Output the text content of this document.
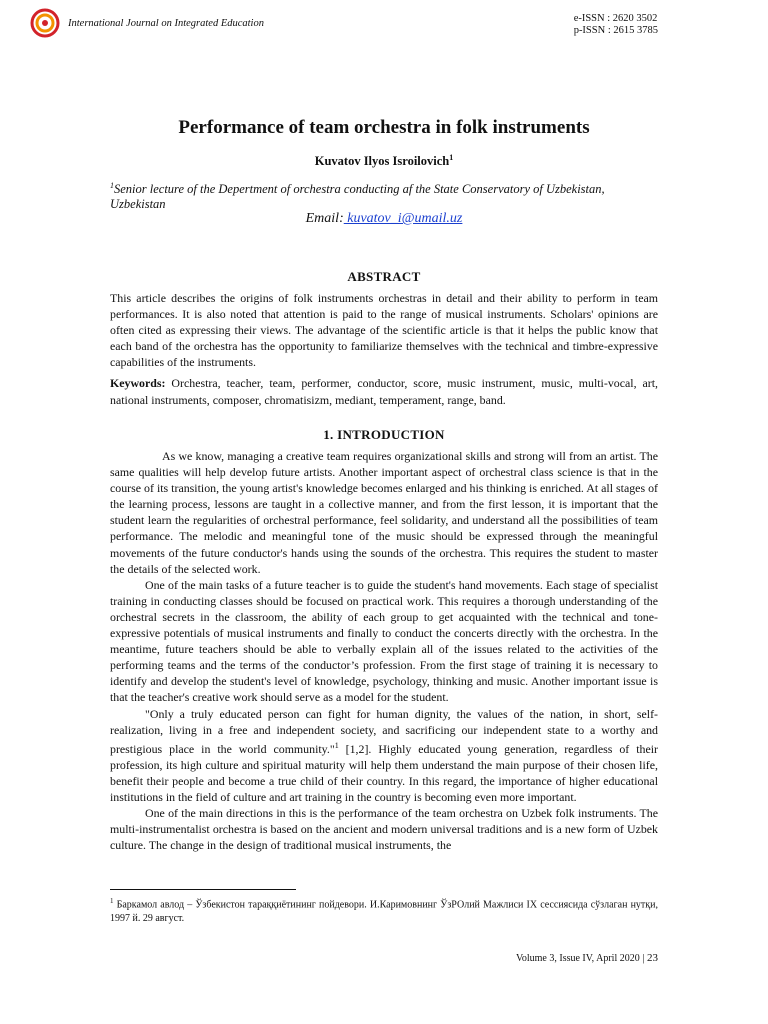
International Journal on Integrated Education	e-ISSN : 2620 3502
p-ISSN : 2615 3785
Performance of team orchestra in folk instruments
Kuvatov Ilyos Isroilovich$^1$
$^1$Senior lecture of the Depertment of orchestra conducting af the State Conservatory of Uzbekistan, Uzbekistan
Email: kuvatov_i@umail.uz
ABSTRACT

This article describes the origins of folk instruments orchestras in detail and their ability to perform in team performances. It is also noted that attention is paid to the range of musical instruments. Scholars' opinions are often cited as expressing their views. The advantage of the scientific article is that it helps the public know that each band of the orchestra has the opportunity to familiarize themselves with the technical and timbre-expressive capabilities of the instruments.

Keywords: Orchestra, teacher, team, performer, conductor, score, music instrument, music, multi-vocal, art, national instruments, composer, chromatisizm, mediant, temperament, range, band.

1. INTRODUCTION

As we know, managing a creative team requires organizational skills and strong will from an artist. The same qualities will help develop future artists. Another important aspect of orchestral class science is that in the course of its transition, the young artist's knowledge becomes enlarged and his thinking is enriched. At all stages of the learning process, lessons are taught in a collective manner, and from the first lesson, it is important that the student learn the regularities of orchestral performance, feel solidarity, and understand all the possibilities of team performance. The melodic and meaningful tone of the music should be expressed through the meaningful movements of the future conductor's hands using the sounds of the orchestra. This requires the student to master the details of the selected work.

One of the main tasks of a future teacher is to guide the student's hand movements. Each stage of specialist training in conducting classes should be focused on practical work. This requires a thorough understanding of the orchestral secrets in the classroom, the ability of each group to get acquainted with the technical and tone-expressive potentials of musical instruments and finally to conduct the concerts directly with the orchestra. In the meantime, future teachers should be able to verbally explain all of the issues related to the activities of the performing teams and the terms of the conductor’s profession. From the first stage of training it is necessary to identify and develop the student's level of knowledge, psychology, thinking and music. Another important issue is that the teacher's creative work should serve as a model for the student.

"Only a truly educated person can fight for human dignity, the values of the nation, in short, self-realization, living in a free and independent society, and sacrificing our independent state to a worthy and prestigious place in the world community."$^1$ [1,2]. Highly educated young generation, regardless of their profession, its high culture and spiritual maturity will help them understand the main purpose of their chosen life, benefit their people and become a true child of their country. In this regard, the importance of higher educational institutions in the field of culture and art training in the country is becoming even more important.

One of the main directions in this is the performance of the team orchestra on Uzbek folk instruments. The multi-instrumentalist orchestra is based on the ancient and modern universal traditions and is a new form of Uzbek culture. The change in the design of traditional musical instruments, the

$^1$ Баркамол авлод – Ўзбекистон тараққиётининг пойдевори. И.Каримовнинг ЎзРОлий Мажлиси IX сессиясида сўзлаган нутқи, 1997 й. 29 август.
Volume 3, Issue IV, April 2020 | 23
